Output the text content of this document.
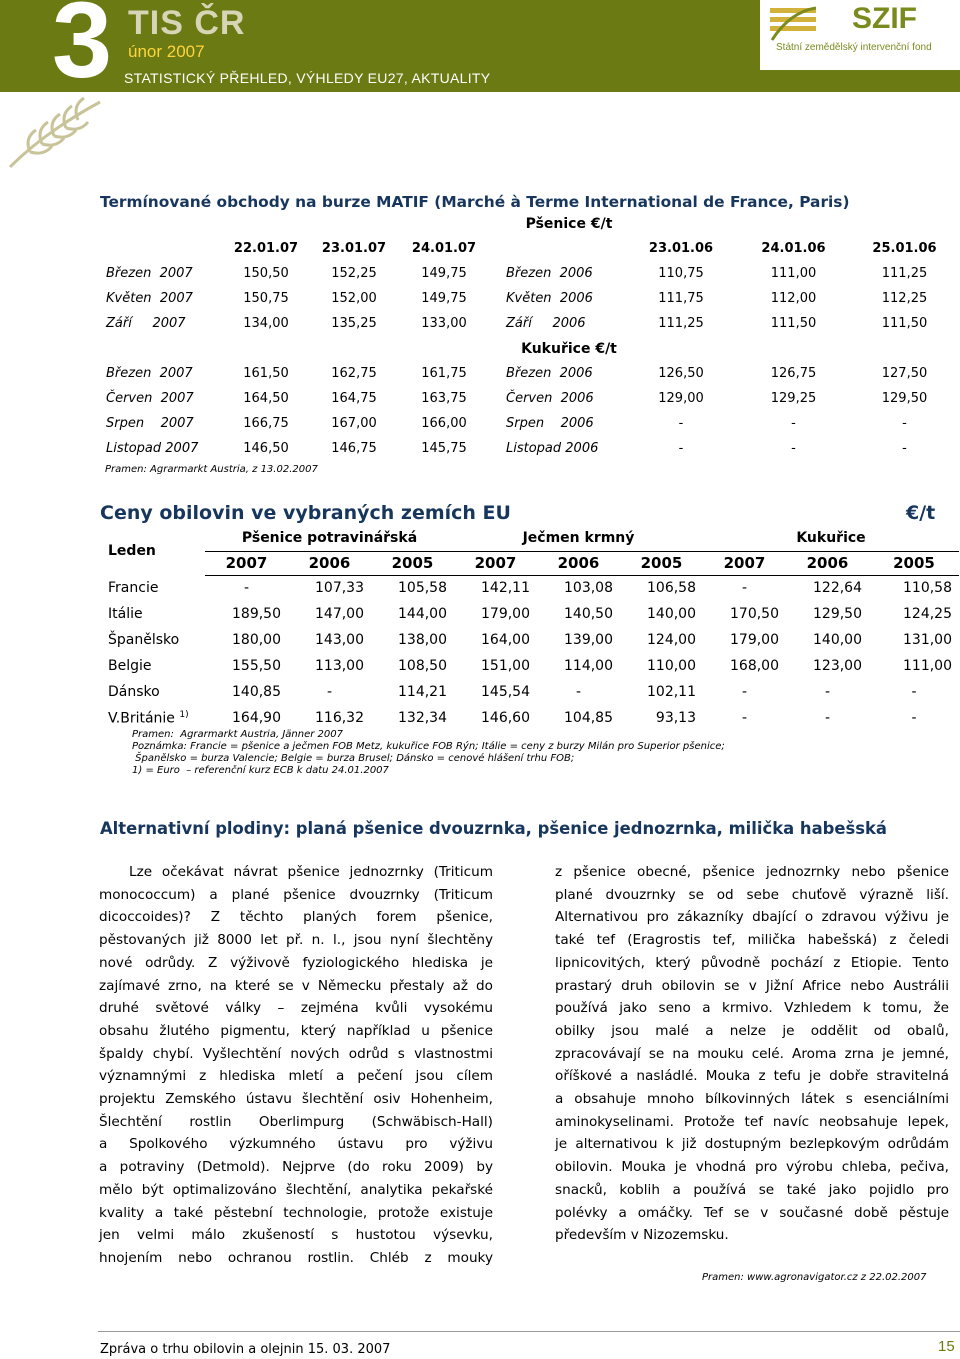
3 TIS ČR
únor 2007
STATISTICKÝ PŘEHLED, VÝHLEDY EU27, AKTUALITY
SZIF
Státní zemědělský intervenční fond
Termínované obchody na burze MATIF (Marché à Terme International de France, Paris)
Pšenice €/t
	22.01.07	23.01.07	24.01.07		23.01.06	24.01.06	25.01.06
Březen  2007	150,50	152,25	149,75	Březen  2006	110,75	111,00	111,25
Květen  2007	150,75	152,00	149,75	Květen  2006	111,75	112,00	112,25
Září     2007	134,00	135,25	133,00	Září     2006	111,25	111,50	111,50
Kukuřice €/t
Březen  2007	161,50	162,75	161,75	Březen  2006	126,50	126,75	127,50
Červen  2007	164,50	164,75	163,75	Červen  2006	129,00	129,25	129,50
Srpen    2007	166,75	167,00	166,00	Srpen    2006	-	-	-
Listopad 2007	146,50	146,75	145,75	Listopad 2006	-	-	-
Pramen: Agrarmarkt Austria, z 13.02.2007
Ceny obilovin ve vybraných zemích EU	€/t
Leden	Pšenice potravinářská			Ječmen krmný			Kukuřice		
	2007	2006	2005	2007	2006	2005	2007	2006	2005
Francie	-	107,33	105,58	142,11	103,08	106,58	-	122,64	110,58
Itálie	189,50	147,00	144,00	179,00	140,50	140,00	170,50	129,50	124,25
Španělsko	180,00	143,00	138,00	164,00	139,00	124,00	179,00	140,00	131,00
Belgie	155,50	113,00	108,50	151,00	114,00	110,00	168,00	123,00	111,00
Dánsko	140,85	-	114,21	145,54	-	102,11	-	-	-
V.Británie $^{1)}$	164,90	116,32	132,34	146,60	104,85	93,13	-	-	-
Pramen:  Agrarmarkt Austria, Jänner 2007
Poznámka: Francie = pšenice a ječmen FOB Metz, kukuřice FOB Rýn; Itálie = ceny z burzy Milán pro Superior pšenice;
Španělsko = burza Valencie; Belgie = burza Brusel; Dánsko = cenové hlášení trhu FOB;
1) = Euro  – referenční kurz ECB k datu 24.01.2007
Alternativní plodiny: planá pšenice dvouzrnka, pšenice jednozrnka, milička habešská
Lze očekávat návrat pšenice jednozrnky (Triticum
monococcum) a plané pšenice dvouzrnky (Triticum
dicoccoides)? Z těchto planých forem pšenice,
pěstovaných již 8000 let př. n. l., jsou nyní šlechtěny
nové odrůdy. Z výživově fyziologického hlediska je
zajímavé zrno, na které se v Německu přestaly až do
druhé světové války – zejména kvůli vysokému
obsahu žlutého pigmentu, který například u pšenice
špaldy chybí. Vyšlechtění nových odrůd s vlastnostmi
významnými z hlediska mletí a pečení jsou cílem
projektu Zemského ústavu šlechtění osiv Hohenheim,
Šlechtění rostlin Oberlimpurg (Schwäbisch-Hall)
a Spolkového výzkumného ústavu pro výživu
a potraviny (Detmold). Nejprve (do roku 2009) by
mělo být optimalizováno šlechtění, analytika pekařské
kvality a také pěstební technologie, protože existuje
jen velmi málo zkušeností s hustotou výsevku,
hnojením nebo ochranou rostlin. Chléb z mouky
z pšenice obecné, pšenice jednozrnky nebo pšenice
plané dvouzrnky se od sebe chuťově výrazně liší.
Alternativou pro zákazníky dbající o zdravou výživu je
také tef (Eragrostis tef, milička habešská) z čeledi
lipnicovitých, který původně pochází z Etiopie. Tento
prastarý druh obilovin se v Jižní Africe nebo Austrálii
používá jako seno a krmivo. Vzhledem k tomu, že
obilky jsou malé a nelze je oddělit od obalů,
zpracovávají se na mouku celé. Aroma zrna je jemné,
oříškové a nasládlé. Mouka z tefu je dobře stravitelná
a obsahuje mnoho bílkovinných látek s esenciálními
aminokyselinami. Protože tef navíc neobsahuje lepek,
je alternativou k již dostupným bezlepkovým odrůdám
obilovin. Mouka je vhodná pro výrobu chleba, pečiva,
snacků, koblih a používá se také jako pojidlo pro
polévky a omáčky. Tef se v současné době pěstuje
především v Nizozemsku.
Pramen: www.agronavigator.cz z 22.02.2007
Zpráva o trhu obilovin a olejnin 15. 03. 2007	15
